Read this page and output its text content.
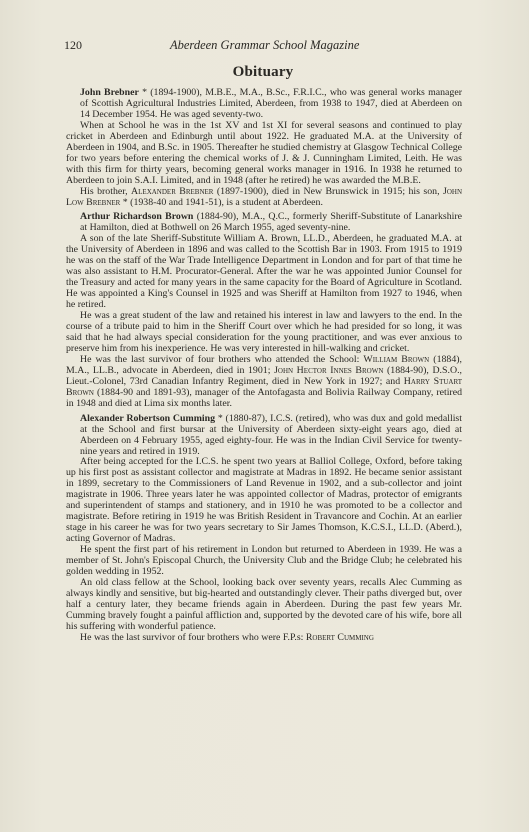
120	Aberdeen Grammar School Magazine
Obituary

John Brebner * (1894-1900), M.B.E., M.A., B.Sc., F.R.I.C., who was general works manager of Scottish Agricultural Industries Limited, Aberdeen, from 1938 to 1947, died at Aberdeen on 14 December 1954. He was aged seventy-two.

When at School he was in the 1st XV and 1st XI for several seasons and continued to play cricket in Aberdeen and Edinburgh until about 1922. He graduated M.A. at the University of Aberdeen in 1904, and B.Sc. in 1905. Thereafter he studied chemistry at Glasgow Technical College for two years before entering the chemical works of J. & J. Cunningham Limited, Leith. He was with this firm for thirty years, becoming general works manager in 1916. In 1938 he returned to Aberdeen to join S.A.I. Limited, and in 1948 (after he retired) he was awarded the M.B.E.

His brother, Alexander Brebner (1897-1900), died in New Brunswick in 1915; his son, John Low Brebner * (1938-40 and 1941-51), is a student at Aberdeen.

Arthur Richardson Brown (1884-90), M.A., Q.C., formerly Sheriff-Substitute of Lanarkshire at Hamilton, died at Bothwell on 26 March 1955, aged seventy-nine.

A son of the late Sheriff-Substitute William A. Brown, LL.D., Aberdeen, he graduated M.A. at the University of Aberdeen in 1896 and was called to the Scottish Bar in 1903. From 1915 to 1919 he was on the staff of the War Trade Intelligence Department in London and for part of that time he was also assistant to H.M. Procurator-General. After the war he was appointed Junior Counsel for the Treasury and acted for many years in the same capacity for the Board of Agriculture in Scotland. He was appointed a King's Counsel in 1925 and was Sheriff at Hamilton from 1927 to 1946, when he retired.

He was a great student of the law and retained his interest in law and lawyers to the end. In the course of a tribute paid to him in the Sheriff Court over which he had presided for so long, it was said that he had always special consideration for the young practitioner, and was ever anxious to preserve him from his inexperience. He was very interested in hill-walking and cricket.

He was the last survivor of four brothers who attended the School: William Brown (1884), M.A., LL.B., advocate in Aberdeen, died in 1901; John Hector Innes Brown (1884-90), D.S.O., Lieut.-Colonel, 73rd Canadian Infantry Regiment, died in New York in 1927; and Harry Stuart Brown (1884-90 and 1891-93), manager of the Antofagasta and Bolivia Railway Company, retired in 1948 and died at Lima six months later.

Alexander Robertson Cumming * (1880-87), I.C.S. (retired), who was dux and gold medallist at the School and first bursar at the University of Aberdeen sixty-eight years ago, died at Aberdeen on 4 February 1955, aged eighty-four. He was in the Indian Civil Service for twenty-nine years and retired in 1919.

After being accepted for the I.C.S. he spent two years at Balliol College, Oxford, before taking up his first post as assistant collector and magistrate at Madras in 1892. He became senior assistant in 1899, secretary to the Commissioners of Land Revenue in 1902, and a sub-collector and joint magistrate in 1906. Three years later he was appointed collector of Madras, protector of emigrants and superintendent of stamps and stationery, and in 1910 he was promoted to be a collector and magistrate. Before retiring in 1919 he was British Resident in Travancore and Cochin. At an earlier stage in his career he was for two years secretary to Sir James Thomson, K.C.S.I., LL.D. (Aberd.), acting Governor of Madras.

He spent the first part of his retirement in London but returned to Aberdeen in 1939. He was a member of St. John's Episcopal Church, the University Club and the Bridge Club; he celebrated his golden wedding in 1952.

An old class fellow at the School, looking back over seventy years, recalls Alec Cumming as always kindly and sensitive, but big-hearted and outstandingly clever. Their paths diverged but, over half a century later, they became friends again in Aberdeen. During the past few years Mr. Cumming bravely fought a painful affliction and, supported by the devoted care of his wife, bore all his suffering with wonderful patience.

He was the last survivor of four brothers who were F.P.s: Robert Cumming
